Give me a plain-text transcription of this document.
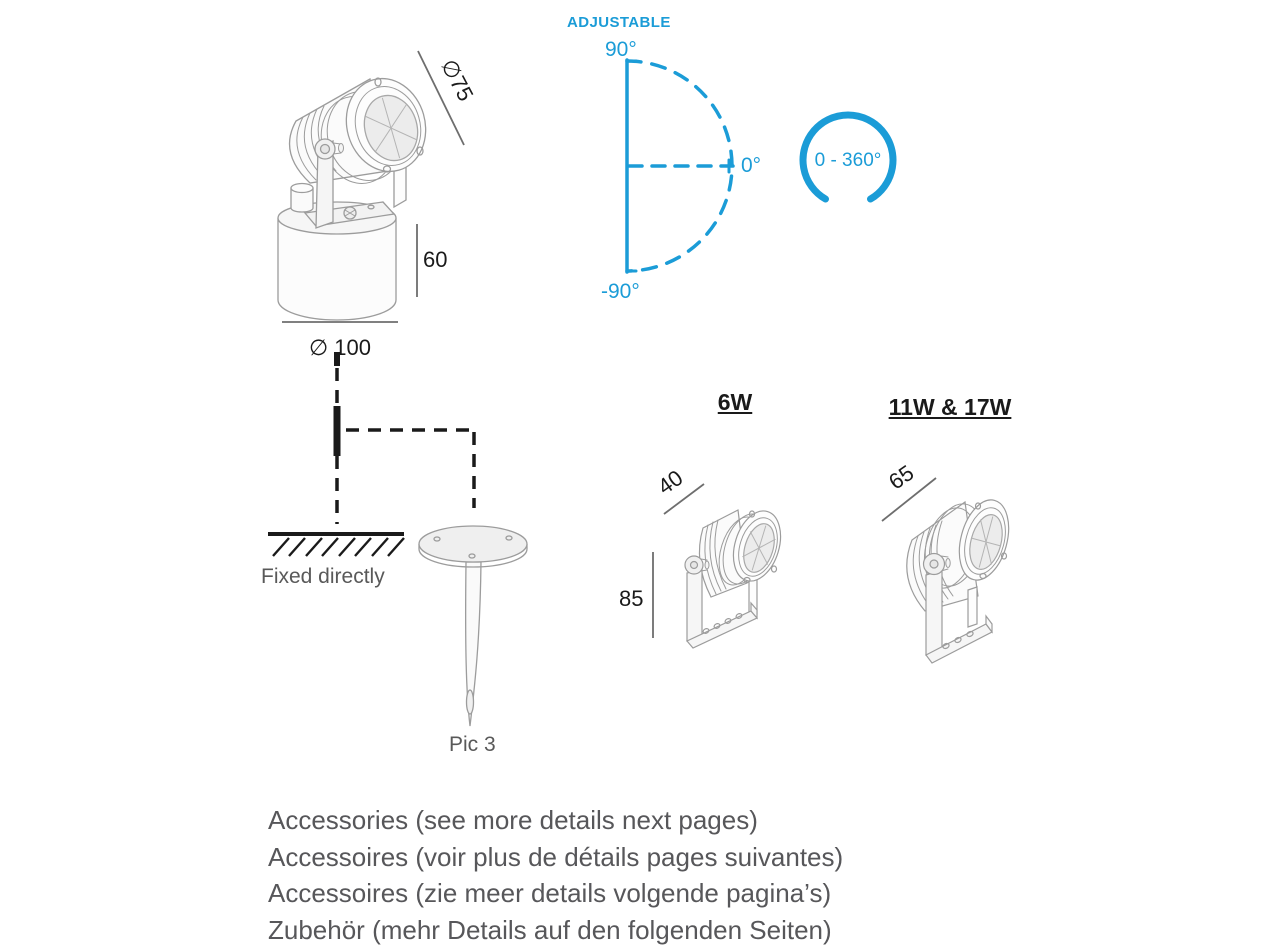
ADJUSTABLE
90°
0°
-90°
0 - 360°
∅75
60
∅ 100
Fixed directly
Pic 3
6W	11W & 17W
40
85
65
Accessories (see more details next pages)
Accessoires (voir plus de détails pages suivantes)
Accessoires (zie meer details volgende pagina’s)
Zubehör (mehr Details auf den folgenden Seiten)
